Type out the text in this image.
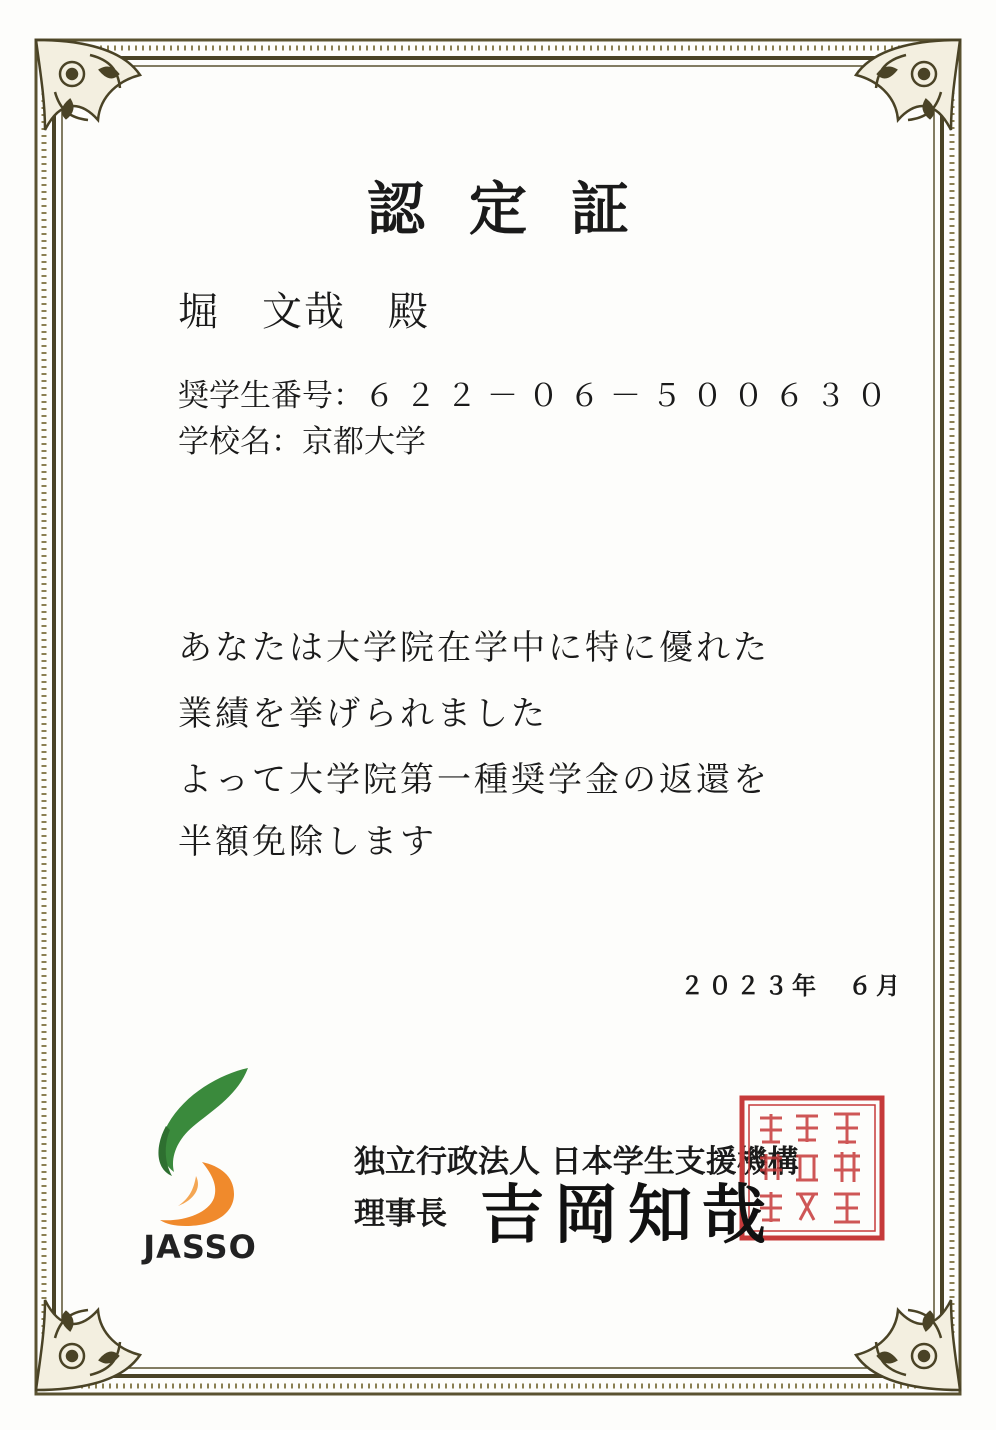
認定証
堀　文哉　殿
奨学生番号：６２２－０６－５００６３０
学校名：京都大学
あなたは大学院在学中に特に優れた
業績を挙げられました
よって大学院第一種奨学金の返還を
半額免除します
２０２３年　６月
JASSO
独立行政法人 日本学生支援機構
理事長 吉岡知哉
